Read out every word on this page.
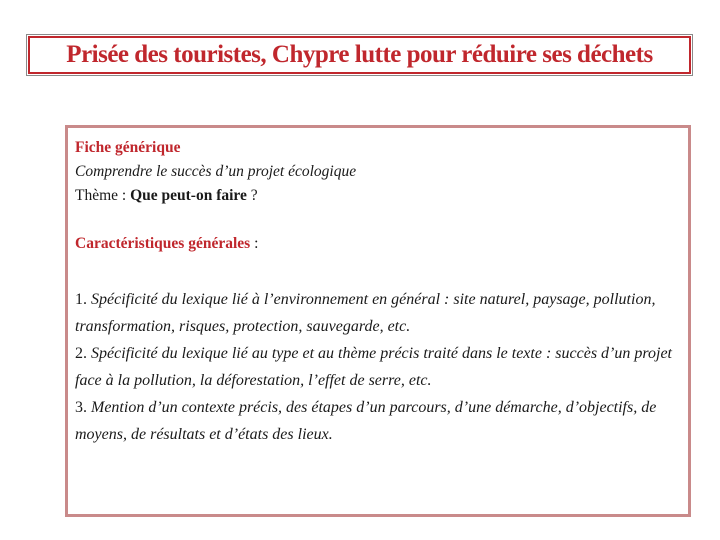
Prisée des touristes, Chypre lutte pour réduire ses déchets
Fiche générique
Comprendre le succès d’un projet écologique
Thème : Que peut-on faire ?
Caractéristiques générales :
1. Spécificité du lexique lié à l’environnement en général : site naturel, paysage, pollution, transformation, risques, protection, sauvegarde, etc.
2. Spécificité du lexique lié au type et au thème précis traité dans le texte : succès d’un projet face à la pollution, la déforestation, l’effet de serre, etc.
3. Mention d’un contexte précis, des étapes d’un parcours, d’une démarche, d’objectifs, de moyens, de résultats et d’états des lieux.
